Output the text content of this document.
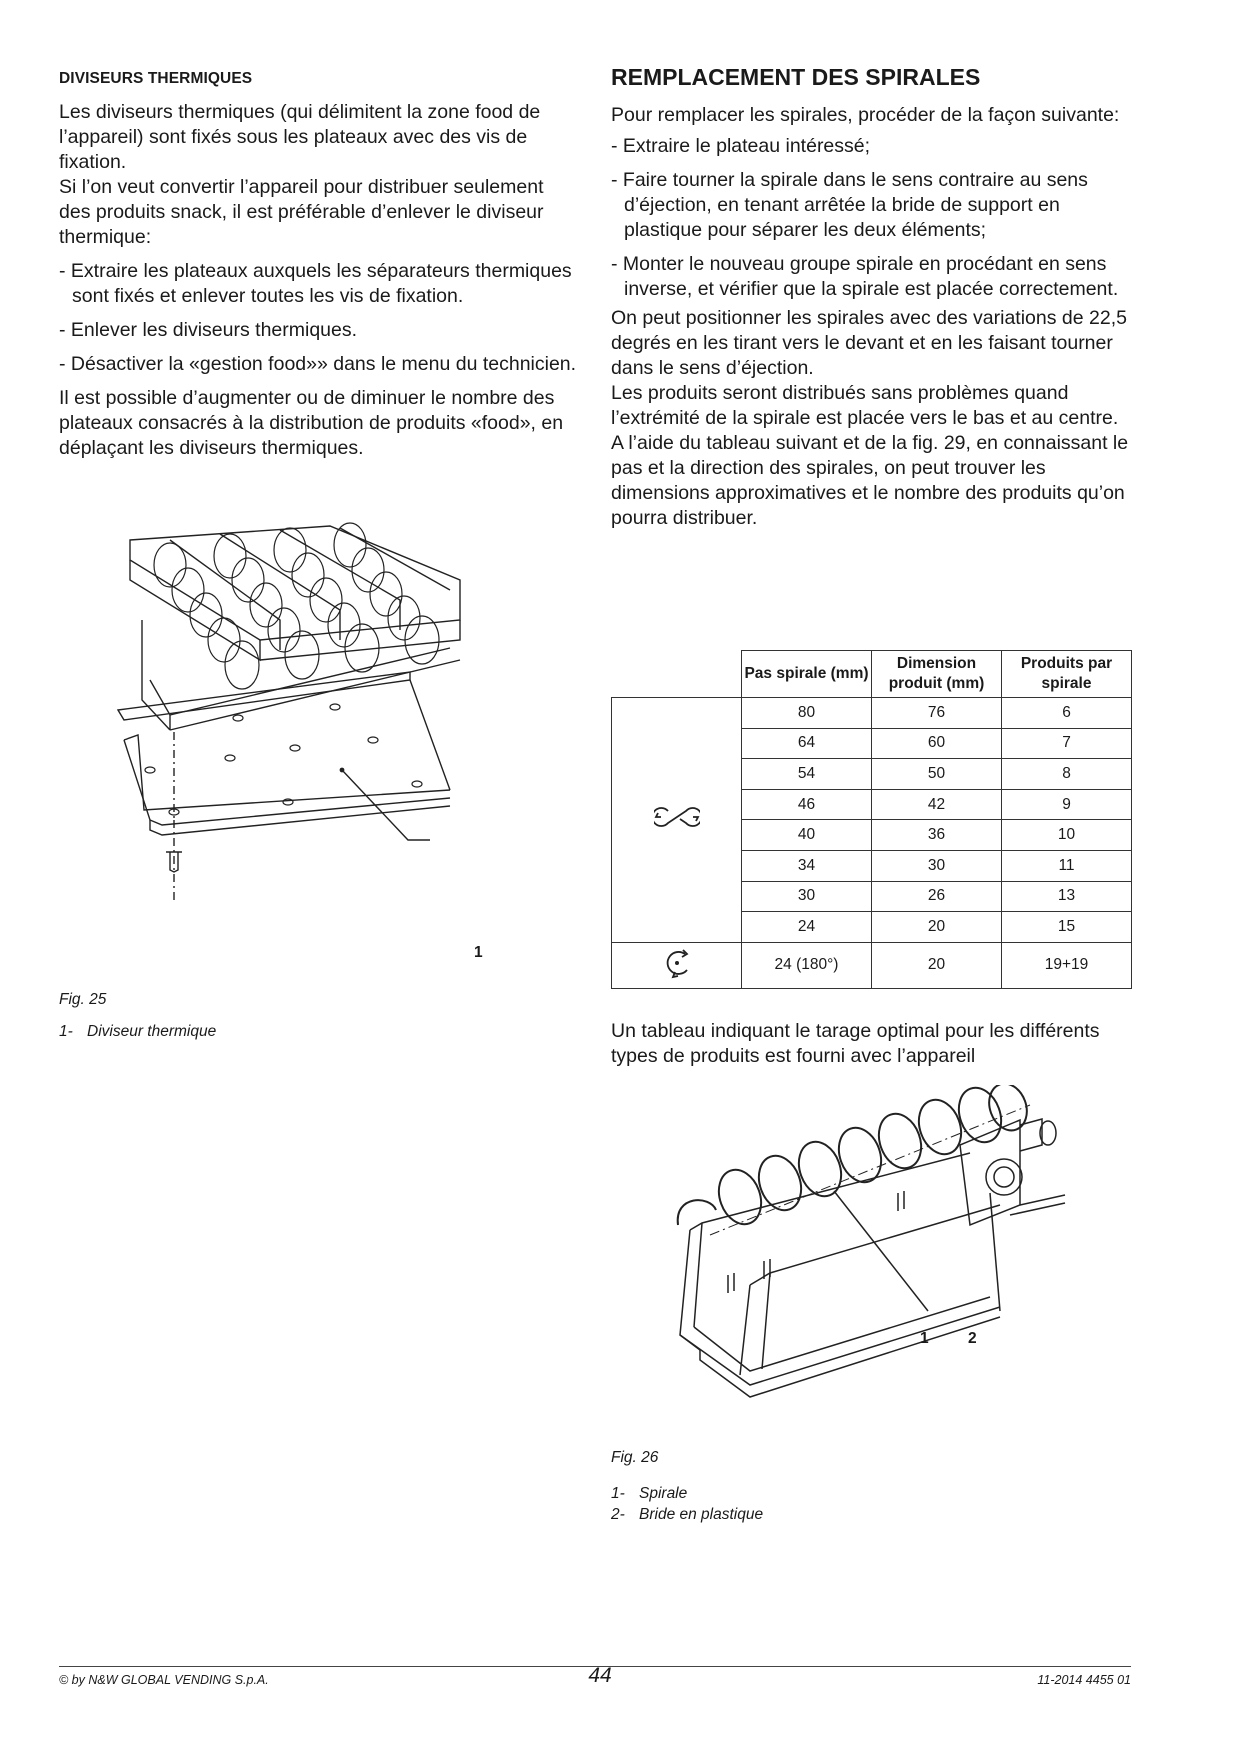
DIVISEURS THERMIQUES

Les diviseurs thermiques (qui délimitent la zone food de l’appareil) sont fixés sous les plateaux avec des vis de fixation.

Si l’on veut convertir l’appareil pour distribuer seulement des produits snack, il est préférable d’enlever le diviseur thermique:

- Extraire les plateaux auxquels les séparateurs thermiques sont fixés et enlever toutes les vis de fixation.

- Enlever les diviseurs thermiques.

- Désactiver la «gestion food»» dans le menu du technicien.

Il est possible d’augmenter ou de diminuer le nombre des plateaux consacrés à la distribution de produits «food», en déplaçant les diviseurs thermiques.

1
Fig. 25
1- Diviseur thermique
REMPLACEMENT DES SPIRALES

Pour remplacer les spirales, procéder de la façon suivante:

- Extraire le plateau intéressé;

- Faire tourner la spirale dans le sens contraire au sens d’éjection, en tenant arrêtée la bride de support en plastique pour séparer les deux éléments;

- Monter le nouveau groupe spirale en procédant en sens inverse, et vérifier que la spirale est placée correctement.

On peut positionner les spirales avec des variations de 22,5 degrés en les tirant vers le devant et en les faisant tourner dans le sens d’éjection.

Les produits seront distribués sans problèmes quand l’extrémité de la spirale est placée vers le bas et au centre.

A l’aide du tableau suivant et de la fig. 29, en connaissant le pas et la direction des spirales, on peut trouver les dimensions approximatives et le nombre des produits qu’on pourra distribuer.

	Pas spirale (mm)	Dimension produit (mm)	Produits par spirale
	80	76	6
	64	60	7
	54	50	8
	46	42	9
	40	36	10
	34	30	11
	30	26	13
	24	20	15
	24 (180°)	20	19+19

Un tableau indiquant le tarage optimal pour les différents types de produits est fourni avec l’appareil

1	2
Fig. 26
1- Spirale
2- Bride en plastique
© by N&W GLOBAL VENDING S.p.A.	44	11-2014 4455 01
